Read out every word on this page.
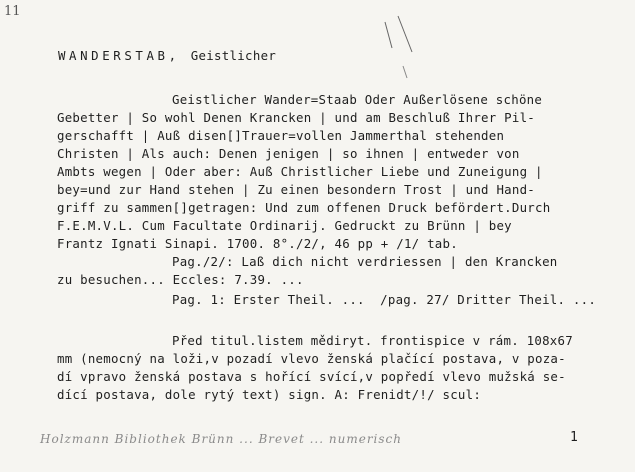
11
WANDERSTAB, Geistlicher
Geistlicher Wander=Staab Oder Außerlösene schöne
Gebetter | So wohl Denen Krancken | und am Beschluß Ihrer Pil-
gerschafft | Auß disen[]Trauer=vollen Jammerthal stehenden
Christen | Als auch: Denen jenigen | so ihnen | entweder von
Ambts wegen | Oder aber: Auß Christlicher Liebe und Zuneigung |
bey=und zur Hand stehen | Zu einen besondern Trost | und Hand-
griff zu sammen[]getragen: Und zum offenen Druck befördert.Durch
F.E.M.V.L. Cum Facultate Ordinarij. Gedruckt zu Brünn | bey
Frantz Ignati Sinapi. 1700. 8°./2/, 46 pp + /1/ tab.
Pag./2/: Laß dich nicht verdriessen | den Krancken
zu besuchen... Eccles: 7.39. ...
Pag. 1: Erster Theil. ...  /pag. 27/ Dritter Theil. ...
Před titul.listem mědiryt. frontispice v rám. 108x67
mm (nemocný na loži,v pozadí vlevo ženská plačící postava, v poza-
dí vpravo ženská postava s hořící svící,v popředí vlevo mužská se-
dící postava, dole rytý text) sign. A: Frenidt/!/ scul:
Holzmann Bibliothek Brünn ... Brevet ... numerisch	1
